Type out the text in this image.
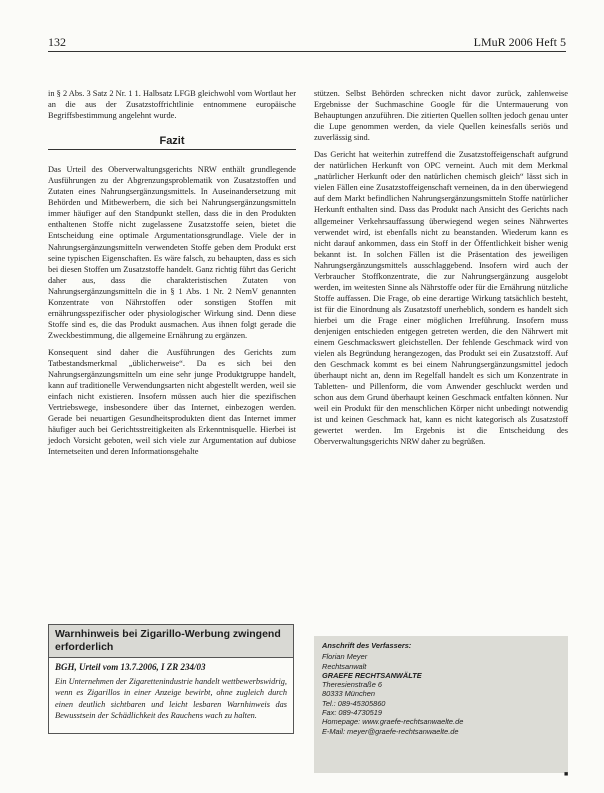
132	LMuR 2006 Heft 5

in § 2 Abs. 3 Satz 2 Nr. 1 1. Halbsatz LFGB gleichwohl vom Wortlaut her an die aus der Zusatzstoffrichtlinie entnommene europäische Begriffsbestimmung angelehnt wurde.

Fazit

Das Urteil des Oberverwaltungsgerichts NRW enthält grundlegende Ausführungen zu der Abgrenzungsproblematik von Zusatzstoffen und Zutaten eines Nahrungsergänzungsmittels. In Auseinandersetzung mit Behörden und Mitbewerbern, die sich bei Nahrungsergänzungsmitteln immer häufiger auf den Standpunkt stellen, dass die in den Produkten enthaltenen Stoffe nicht zugelassene Zusatzstoffe seien, bietet die Entscheidung eine optimale Argumentationsgrundlage. Viele der in Nahrungsergänzungsmitteln verwendeten Stoffe geben dem Produkt erst seine typischen Eigenschaften. Es wäre falsch, zu behaupten, dass es sich bei diesen Stoffen um Zusatzstoffe handelt. Ganz richtig führt das Gericht daher aus, dass die charakteristischen Zutaten von Nahrungsergänzungsmitteln die in § 1 Abs. 1 Nr. 2 NemV genannten Konzentrate von Nährstoffen oder sonstigen Stoffen mit ernährungsspezifischer oder physiologischer Wirkung sind. Denn diese Stoffe sind es, die das Produkt ausmachen. Aus ihnen folgt gerade die Zweckbestimmung, die allgemeine Ernährung zu ergänzen.

Konsequent sind daher die Ausführungen des Gerichts zum Tatbestandsmerkmal „üblicherweise“. Da es sich bei den Nahrungsergänzungsmitteln um eine sehr junge Produktgruppe handelt, kann auf traditionelle Verwendungsarten nicht abgestellt werden, weil sie einfach nicht existieren. Insofern müssen auch hier die spezifischen Vertriebswege, insbesondere über das Internet, einbezogen werden. Gerade bei neuartigen Gesundheitsprodukten dient das Internet immer häufiger auch bei Gerichtsstreitigkeiten als Erkenntnisquelle. Hierbei ist jedoch Vorsicht geboten, weil sich viele zur Argumentation auf dubiose Internetseiten und deren Informationsgehalte

Warnhinweis bei Zigarillo-Werbung zwingend erforderlich
BGH, Urteil vom 13.7.2006, I ZR 234/03
Ein Unternehmen der Zigarettenindustrie handelt wettbewerbswidrig, wenn es Zigarillos in einer Anzeige bewirbt, ohne zugleich durch einen deutlich sichtbaren und leicht lesbaren Warnhinweis das Bewusstsein der Schädlichkeit des Rauchens wach zu halten.

stützen. Selbst Behörden schrecken nicht davor zurück, zahlenweise Ergebnisse der Suchmaschine Google für die Untermauerung von Behauptungen anzuführen. Die zitierten Quellen sollten jedoch genau unter die Lupe genommen werden, da viele Quellen keinesfalls seriös und zuverlässig sind.

Das Gericht hat weiterhin zutreffend die Zusatzstoffeigenschaft aufgrund der natürlichen Herkunft von OPC verneint. Auch mit dem Merkmal „natürlicher Herkunft oder den natürlichen chemisch gleich“ lässt sich in vielen Fällen eine Zusatzstoffeigenschaft verneinen, da in den überwiegend auf dem Markt befindlichen Nahrungsergänzungsmitteln Stoffe natürlicher Herkunft enthalten sind. Dass das Produkt nach Ansicht des Gerichts nach allgemeiner Verkehrsauffassung überwiegend wegen seines Nährwertes verwendet wird, ist ebenfalls nicht zu beanstanden. Wiederum kann es nicht darauf ankommen, dass ein Stoff in der Öffentlichkeit bisher wenig bekannt ist. In solchen Fällen ist die Präsentation des jeweiligen Nahrungsergänzungsmittels ausschlaggebend. Insofern wird auch der Verbraucher Stoffkonzentrate, die zur Nahrungsergänzung ausgelobt werden, im weitesten Sinne als Nährstoffe oder für die Ernährung nützliche Stoffe auffassen. Die Frage, ob eine derartige Wirkung tatsächlich besteht, ist für die Einordnung als Zusatzstoff unerheblich, sondern es handelt sich hierbei um die Frage einer möglichen Irreführung. Insofern muss denjenigen entschieden entgegen getreten werden, die den Nährwert mit einem Geschmackswert gleichstellen. Der fehlende Geschmack wird von vielen als Begründung herangezogen, das Produkt sei ein Zusatzstoff. Auf den Geschmack kommt es bei einem Nahrungsergänzungsmittel jedoch überhaupt nicht an, denn im Regelfall handelt es sich um Konzentrate in Tabletten- und Pillenform, die vom Anwender geschluckt werden und schon aus dem Grund überhaupt keinen Geschmack entfalten können. Nur weil ein Produkt für den menschlichen Körper nicht unbedingt notwendig ist und keinen Geschmack hat, kann es nicht kategorisch als Zusatzstoff gewertet werden. Im Ergebnis ist die Entscheidung des Oberverwaltungsgerichts NRW daher zu begrüßen.

Anschrift des Verfassers:
Florian Meyer
Rechtsanwalt
GRAEFE RECHTSANWÄLTE
Theresienstraße 6
80333 München
Tel.: 089-45305860
Fax: 089-4730519
Homepage: www.graefe-rechtsanwaelte.de
E-Mail: meyer@graefe-rechtsanwaelte.de
■
